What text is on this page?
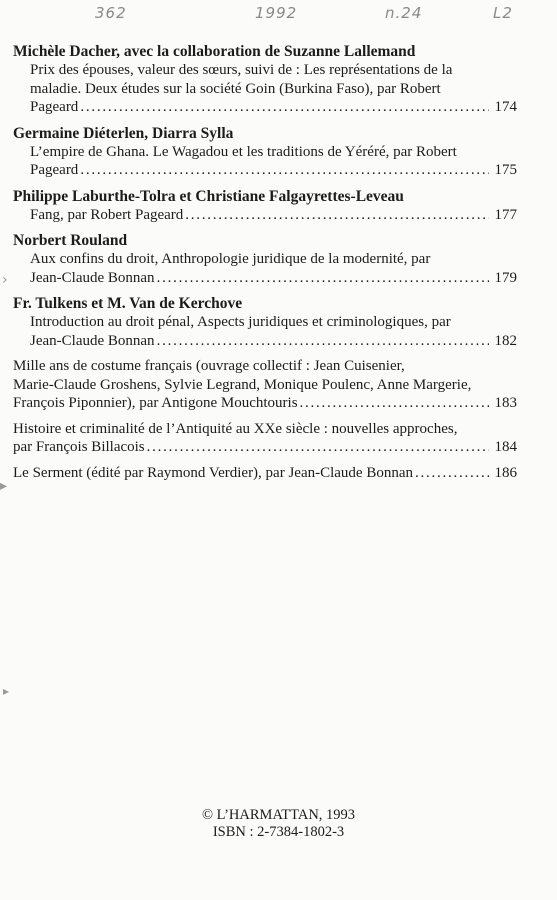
362	1992	n.24	L2
›
▸
▸
Michèle Dacher, avec la collaboration de Suzanne Lallemand
Prix des épouses, valeur des sœurs, suivi de : Les représentations de la
maladie. Deux études sur la société Goin (Burkina Faso), par Robert
Pageard . . .	174
Germaine Diéterlen, Diarra Sylla
L’empire de Ghana. Le Wagadou et les traditions de Yéréré, par Robert
Pageard . . .	175
Philippe Laburthe-Tolra et Christiane Falgayrettes-Leveau
Fang, par Robert Pageard . . .	177
Norbert Rouland
Aux confins du droit, Anthropologie juridique de la modernité, par
Jean-Claude Bonnan . . .	179
Fr. Tulkens et M. Van de Kerchove
Introduction au droit pénal, Aspects juridiques et criminologiques, par
Jean-Claude Bonnan . . .	182
Mille ans de costume français (ouvrage collectif : Jean Cuisenier,
Marie-Claude Groshens, Sylvie Legrand, Monique Poulenc, Anne Margerie,
François Piponnier), par Antigone Mouchtouris . . .	183
Histoire et criminalité de l’Antiquité au XXe siècle : nouvelles approches,
par François Billacois . . .	184
Le Serment (édité par Raymond Verdier), par Jean-Claude Bonnan . . .	186
© L’HARMATTAN, 1993
ISBN : 2-7384-1802-3
